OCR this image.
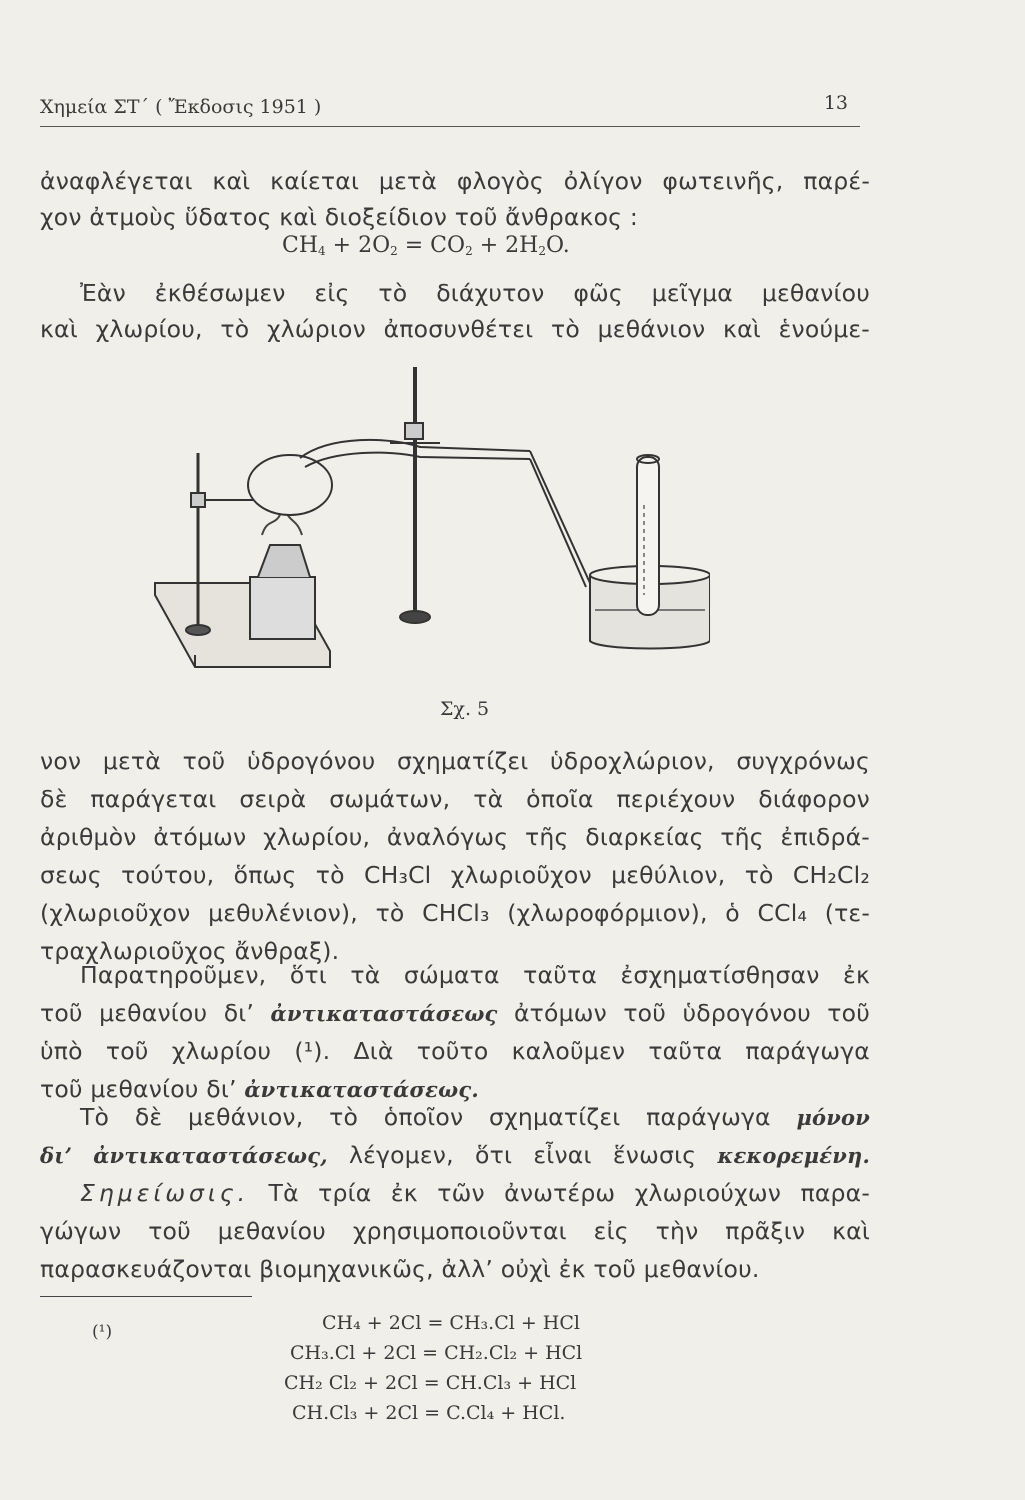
Χημεία ΣΤ΄ ( Ἔκδοσις 1951 )	13
ἀναφλέγεται καὶ καίεται μετὰ φλογὸς ὀλίγον φωτεινῆς, παρέ-
χον ἀτμοὺς ὕδατος καὶ διοξείδιον τοῦ ἄνθρακος :
$CH_4 + 2O_2 = CO_2 + 2H_2O$.
Ἐὰν ἐκθέσωμεν εἰς τὸ διάχυτον φῶς μεῖγμα μεθανίου
καὶ χλωρίου, τὸ χλώριον ἀποσυνθέτει τὸ μεθάνιον καὶ ἑνούμε-
Σχ. 5
νον μετὰ τοῦ ὑδρογόνου σχηματίζει ὑδροχλώριον, συγχρόνως
δὲ παράγεται σειρὰ σωμάτων, τὰ ὁποῖα περιέχουν διάφορον
ἀριθμὸν ἀτόμων χλωρίου, ἀναλόγως τῆς διαρκείας τῆς ἐπιδρά-
σεως τούτου, ὅπως τὸ CH₃Cl χλωριοῦχον μεθύλιον, τὸ CH₂Cl₂
(χλωριοῦχον μεθυλένιον), τὸ CHCl₃ (χλωροφόρμιον), ὁ CCl₄ (τε-
τραχλωριοῦχος ἄνθραξ).
Παρατηροῦμεν, ὅτι τὰ σώματα ταῦτα ἐσχηματίσθησαν ἐκ
τοῦ μεθανίου δι’ ἀντικαταστάσεως ἀτόμων τοῦ ὑδρογόνου τοῦ
ὑπὸ τοῦ χλωρίου (¹). Διὰ τοῦτο καλοῦμεν ταῦτα παράγωγα
τοῦ μεθανίου δι’ ἀντικαταστάσεως.
Τὸ δὲ μεθάνιον, τὸ ὁποῖον σχηματίζει παράγωγα μόνον
δι’ ἀντικαταστάσεως, λέγομεν, ὅτι εἶναι ἕνωσις κεκορεμένη.
Σημείωσις. Τὰ τρία ἐκ τῶν ἀνωτέρω χλωριούχων παρα-
γώγων τοῦ μεθανίου χρησιμοποιοῦνται εἰς τὴν πρᾶξιν καὶ
παρασκευάζονται βιομηχανικῶς, ἀλλ’ οὐχὶ ἐκ τοῦ μεθανίου.
(¹)	CH₄ + 2Cl = CH₃.Cl + HCl
CH₃.Cl + 2Cl = CH₂.Cl₂ + HCl
CH₂ Cl₂ + 2Cl = CH.Cl₃ + HCl
CH.Cl₃ + 2Cl = C.Cl₄ + HCl.
